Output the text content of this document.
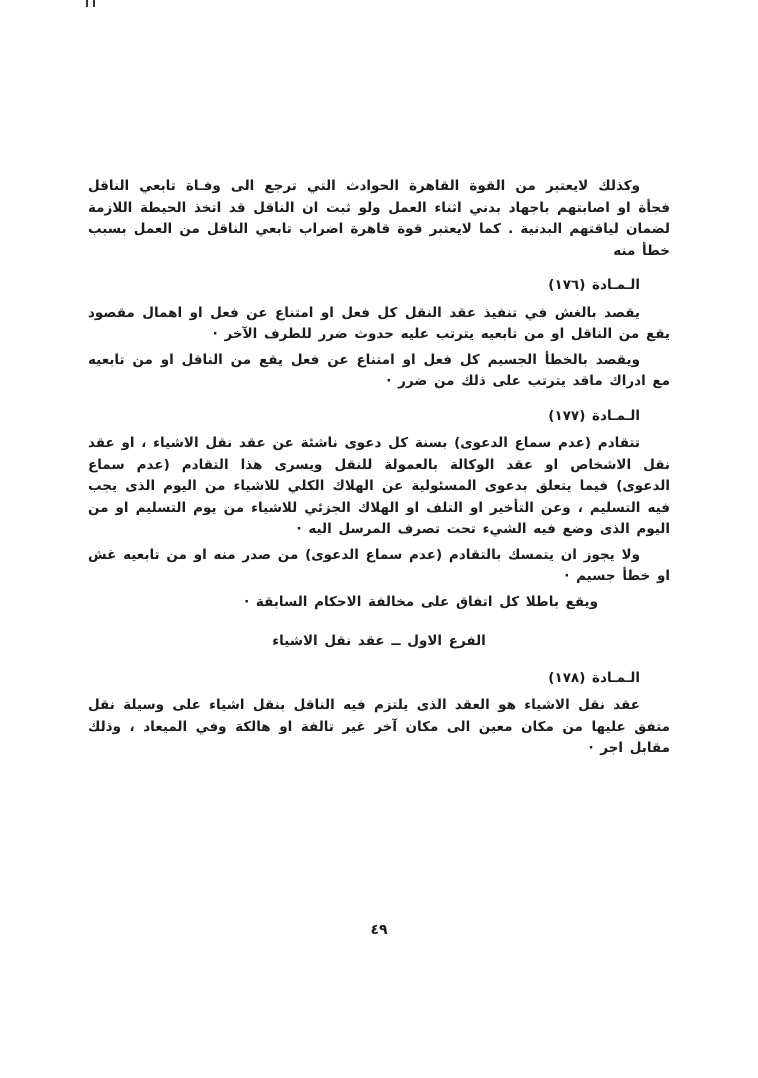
وكذلك لايعتبر من القوة القاهرة الحوادث التي ترجع الى وفـاة تابعي الناقل فجأة او اصابتهم باجهاد بدني اثناء العمل ولو ثبت ان الناقل قد اتخذ الحيطة اللازمة لضمان لياقتهم البدنية . كما لايعتبر قوة قاهرة اضراب تابعي الناقل من العمل بسبب خطأ منه

الـمـادة (١٧٦)

يقصد بالغش في تنفيذ عقد النقل كل فعل او امتناع عن فعل او اهمال مقصود يقع من الناقل او من تابعيه يترتب عليه حدوث ضرر للطرف الآخر ·

ويقصد بالخطأ الجسيم كل فعل او امتناع عن فعل يقع من الناقل او من تابعيه مع ادراك ماقد يترتب على ذلك من ضرر ·

الـمـادة (١٧٧)

تتقادم (عدم سماع الدعوى) بسنة كل دعوى ناشئة عن عقد نقل الاشياء ، او عقد نقل الاشخاص او عقد الوكالة بالعمولة للنقل ويسرى هذا التقادم (عدم سماع الدعوى) فيما يتعلق بدعوى المسئولية عن الهلاك الكلي للاشياء من اليوم الذى يجب فيه التسليم ، وعن التأخير او التلف او الهلاك الجزئي للاشياء من يوم التسليم او من اليوم الذى وضع فيه الشيء تحت تصرف المرسل اليه ·

ولا يجوز ان يتمسك بالتقادم (عدم سماع الدعوى) من صدر منه او من تابعيه غش او خطأ جسيم ·

ويقع باطلا كل اتفاق على مخالفة الاحكام السابقة ·

الفرع الاول ــ عقد نقل الاشياء
الـمـادة (١٧٨)

عقد نقل الاشياء هو العقد الذى يلتزم فيه الناقل بنقل اشياء على وسيلة نقل متفق عليها من مكان معين الى مكان آخر غير تالفة او هالكة وفي الميعاد ، وذلك مقابل اجر ·

٤٩
